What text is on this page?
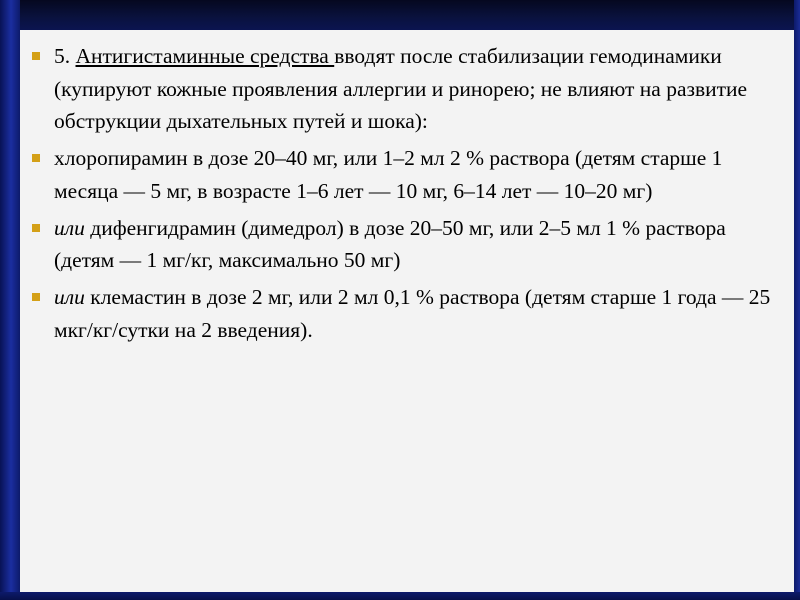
5. Антигистаминные средства вводят после стабилизации гемодинамики (купируют кожные проявления аллергии и ринорею; не влияют на развитие обструкции дыхательных путей и шока):
хлоропирамин в дозе 20–40 мг, или 1–2 мл 2 % раствора (детям старше 1 месяца — 5 мг, в возрасте 1–6 лет — 10 мг, 6–14 лет — 10–20 мг)
или дифенгидрамин (димедрол) в дозе 20–50 мг, или 2–5 мл 1 % раствора (детям — 1 мг/кг, максимально 50 мг)
или клемастин в дозе 2 мг, или 2 мл 0,1 % раствора (детям старше 1 года — 25 мкг/кг/сутки на 2 введения).
